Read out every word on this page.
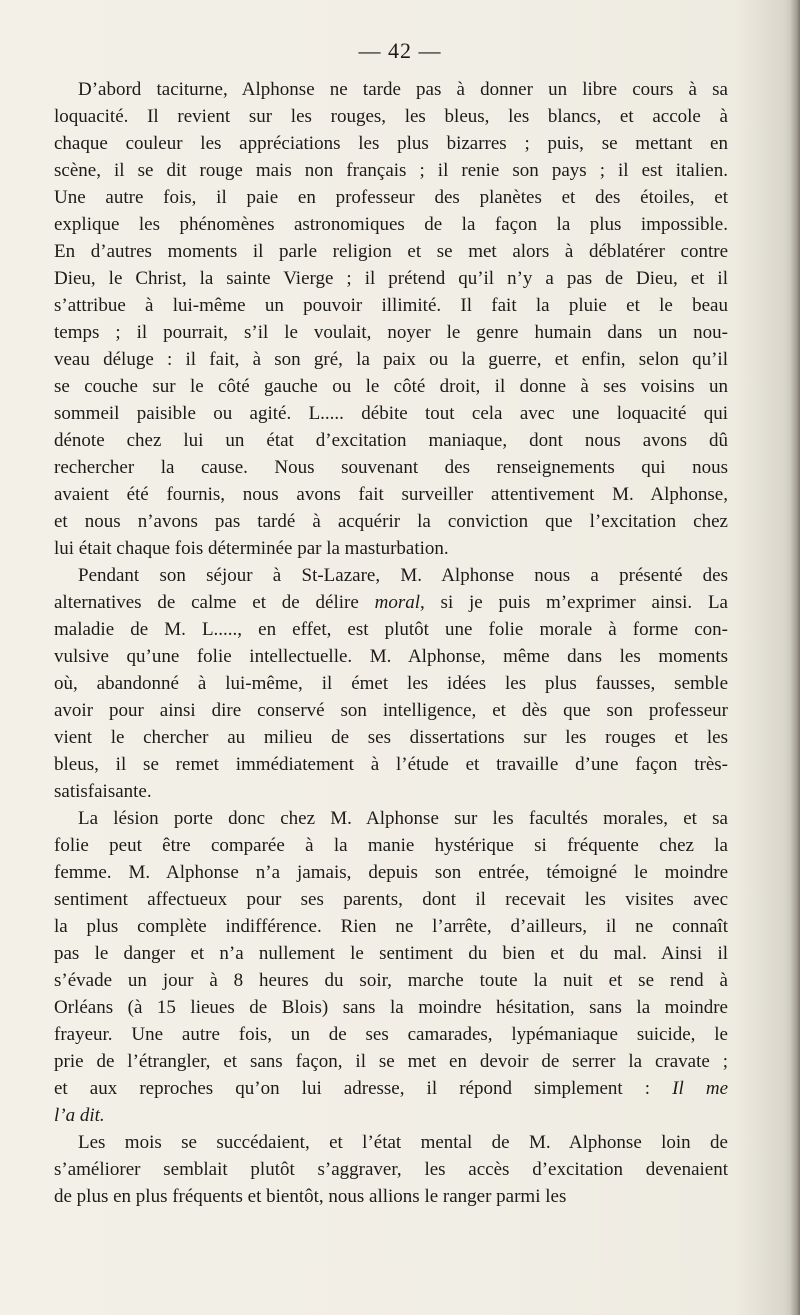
— 42 —
D’abord taciturne, Alphonse ne tarde pas à donner un libre cours à sa
loquacité. Il revient sur les rouges, les bleus, les blancs, et accole à
chaque couleur les appréciations les plus bizarres ; puis, se mettant en
scène, il se dit rouge mais non français ; il renie son pays ; il est italien.
Une autre fois, il paie en professeur des planètes et des étoiles, et
explique les phénomènes astronomiques de la façon la plus impossible.
En d’autres moments il parle religion et se met alors à déblatérer contre
Dieu, le Christ, la sainte Vierge ; il prétend qu’il n’y a pas de Dieu, et il
s’attribue à lui-même un pouvoir illimité. Il fait la pluie et le beau
temps ; il pourrait, s’il le voulait, noyer le genre humain dans un nou-
veau déluge : il fait, à son gré, la paix ou la guerre, et enfin, selon qu’il
se couche sur le côté gauche ou le côté droit, il donne à ses voisins un
sommeil paisible ou agité. L..... débite tout cela avec une loquacité qui
dénote chez lui un état d’excitation maniaque, dont nous avons dû
rechercher la cause. Nous souvenant des renseignements qui nous
avaient été fournis, nous avons fait surveiller attentivement M. Alphonse,
et nous n’avons pas tardé à acquérir la conviction que l’excitation chez
lui était chaque fois déterminée par la masturbation.
Pendant son séjour à St-Lazare, M. Alphonse nous a présenté des
alternatives de calme et de délire moral, si je puis m’exprimer ainsi. La
maladie de M. L....., en effet, est plutôt une folie morale à forme con-
vulsive qu’une folie intellectuelle. M. Alphonse, même dans les moments
où, abandonné à lui-même, il émet les idées les plus fausses, semble
avoir pour ainsi dire conservé son intelligence, et dès que son professeur
vient le chercher au milieu de ses dissertations sur les rouges et les
bleus, il se remet immédiatement à l’étude et travaille d’une façon très-
satisfaisante.
La lésion porte donc chez M. Alphonse sur les facultés morales, et sa
folie peut être comparée à la manie hystérique si fréquente chez la
femme. M. Alphonse n’a jamais, depuis son entrée, témoigné le moindre
sentiment affectueux pour ses parents, dont il recevait les visites avec
la plus complète indifférence. Rien ne l’arrête, d’ailleurs, il ne connaît
pas le danger et n’a nullement le sentiment du bien et du mal. Ainsi il
s’évade un jour à 8 heures du soir, marche toute la nuit et se rend à
Orléans (à 15 lieues de Blois) sans la moindre hésitation, sans la moindre
frayeur. Une autre fois, un de ses camarades, lypémaniaque suicide, le
prie de l’étrangler, et sans façon, il se met en devoir de serrer la cravate ;
et aux reproches qu’on lui adresse, il répond simplement : Il me
l’a dit.
Les mois se succédaient, et l’état mental de M. Alphonse loin de
s’améliorer semblait plutôt s’aggraver, les accès d’excitation devenaient
de plus en plus fréquents et bientôt, nous allions le ranger parmi les
